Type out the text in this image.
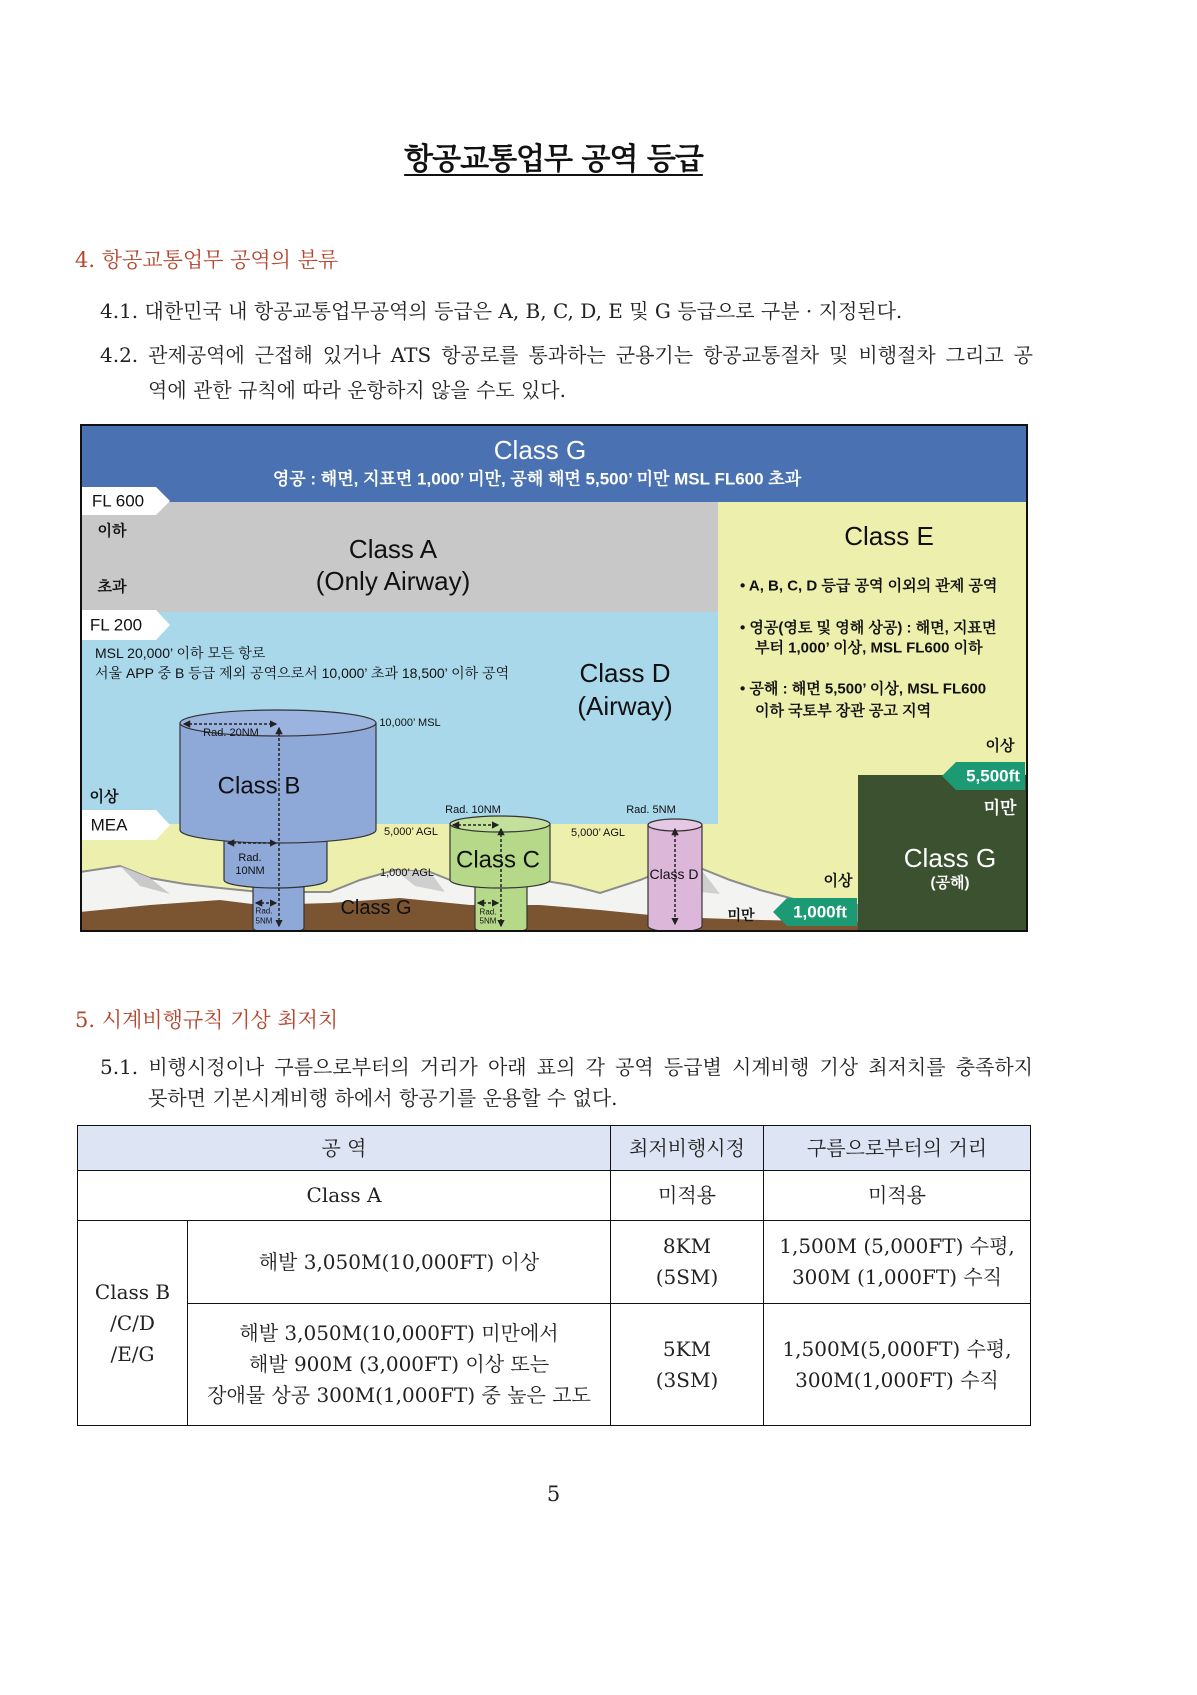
항공교통업무 공역 등급
4. 항공교통업무 공역의 분류
4.1. 대한민국 내 항공교통업무공역의 등급은 A, B, C, D, E 및 G 등급으로 구분 · 지정된다.
4.2. 관제공역에 근접해 있거나 ATS 항공로를 통과하는 군용기는 항공교통절차 및 비행절차 그리고 공
역에 관한 규칙에 따라 운항하지 않을 수도 있다.
Class G
영공 : 해면, 지표면 1,000’ 미만, 공해 해면 5,500’ 미만 MSL FL600 초과
FL 600
이하
초과
FL 200
이상
MEA
Class A
(Only Airway)
MSL 20,000’ 이하 모든 항로
서울 APP 중 B 등급 제외 공역으로서 10,000’ 초과 18,500’ 이하 공역	Class D
(Airway)
Class E
• A, B, C, D 등급 공역 이외의 관제 공역
• 영공(영토 및 영해 상공) : 해면, 지표면
부터 1,000’ 이상, MSL FL600 이하
• 공해 : 해면 5,500’ 이상, MSL FL600
이하 국토부 장관 공고 지역
Class B
Rad. 20NM
Rad.
10NM
Rad.
5NM
10,000’ MSL
5,000’ AGL
1,000’ AGL
5,000’ AGL
Class G
Class C
Rad. 10NM
Rad.
5NM
Rad. 5NM
Class D
이상
5,500ft
미만
Class G
(공해)
이상
1,000ft
미만
5. 시계비행규칙 기상 최저치
5.1. 비행시정이나 구름으로부터의 거리가 아래 표의 각 공역 등급별 시계비행 기상 최저치를 충족하지
못하면 기본시계비행 하에서 항공기를 운용할 수 없다.
공 역		최저비행시정	구름으로부터의 거리
Class A		미적용	미적용

Class B
/C/D
/E/G	해발 3,050M(10,000FT) 이상	8KM
(5SM)	1,500M (5,000FT) 수평,
300M (1,000FT) 수직

	해발 3,050M(10,000FT) 미만에서
해발 900M (3,000FT) 이상 또는
장애물 상공 300M(1,000FT) 중 높은 고도	5KM
(3SM)	1,500M(5,000FT) 수평,
300M(1,000FT) 수직
5
